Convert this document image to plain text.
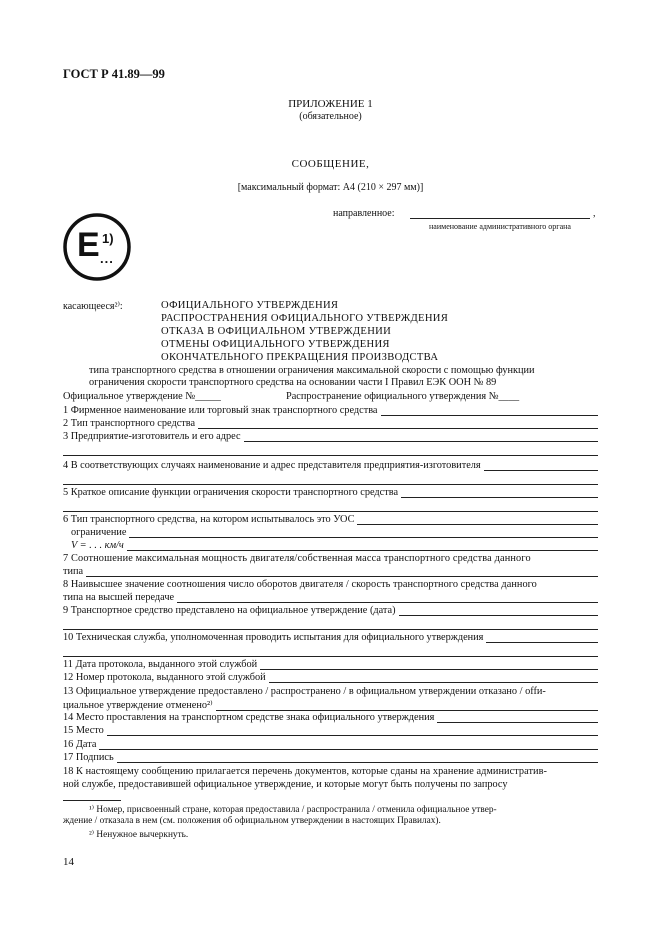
ГОСТ Р 41.89—99
ПРИЛОЖЕНИЕ 1
(обязательное)
СООБЩЕНИЕ,
[максимальный формат: А4 (210 × 297 мм)]
направленное:	,
наименование административного органа
E 1)
...
касающееся²⁾:	ОФИЦИАЛЬНОГО УТВЕРЖДЕНИЯ
РАСПРОСТРАНЕНИЯ ОФИЦИАЛЬНОГО УТВЕРЖДЕНИЯ
ОТКАЗА В ОФИЦИАЛЬНОМ УТВЕРЖДЕНИИ
ОТМЕНЫ ОФИЦИАЛЬНОГО УТВЕРЖДЕНИЯ
ОКОНЧАТЕЛЬНОГО ПРЕКРАЩЕНИЯ ПРОИЗВОДСТВА
типа транспортного средства в отношении ограничения максимальной скорости с помощью функции
ограничения скорости транспортного средства на основании части I Правил ЕЭК ООН № 89
Официальное утверждение №_____	Распространение официального утверждения №____
1 Фирменное наименование или торговый знак транспортного средства
2 Тип транспортного средства
3 Предприятие-изготовитель и его адрес
4 В соответствующих случаях наименование и адрес представителя предприятия-изготовителя
5 Краткое описание функции ограничения скорости транспортного средства
6 Тип транспортного средства, на котором испытывалось это УОС
ограничение
V = . . . км/ч
7 Соотношение максимальная мощность двигателя/собственная масса транспортного средства данного
типа
8 Наивысшее значение соотношения число оборотов двигателя / скорость транспортного средства данного
типа на высшей передаче
9 Транспортное средство представлено на официальное утверждение (дата)
10 Техническая служба, уполномоченная проводить испытания для официального утверждения
11 Дата протокола, выданного этой службой
12 Номер протокола, выданного этой службой
13 Официальное утверждение предоставлено / распространено / в официальном утверждении отказано / offи-
циальное утверждение отменено²⁾
14 Место проставления на транспортном средстве знака официального утверждения
15 Место
16 Дата
17 Подпись
18 К настоящему сообщению прилагается перечень документов, которые сданы на хранение административ-
ной службе, предоставившей официальное утверждение, и которые могут быть получены по запросу
¹⁾ Номер, присвоенный стране, которая предоставила / распространила / отменила официальное утвер-
ждение / отказала в нем (см. положения об официальном утверждении в настоящих Правилах).
²⁾ Ненужное вычеркнуть.
14
